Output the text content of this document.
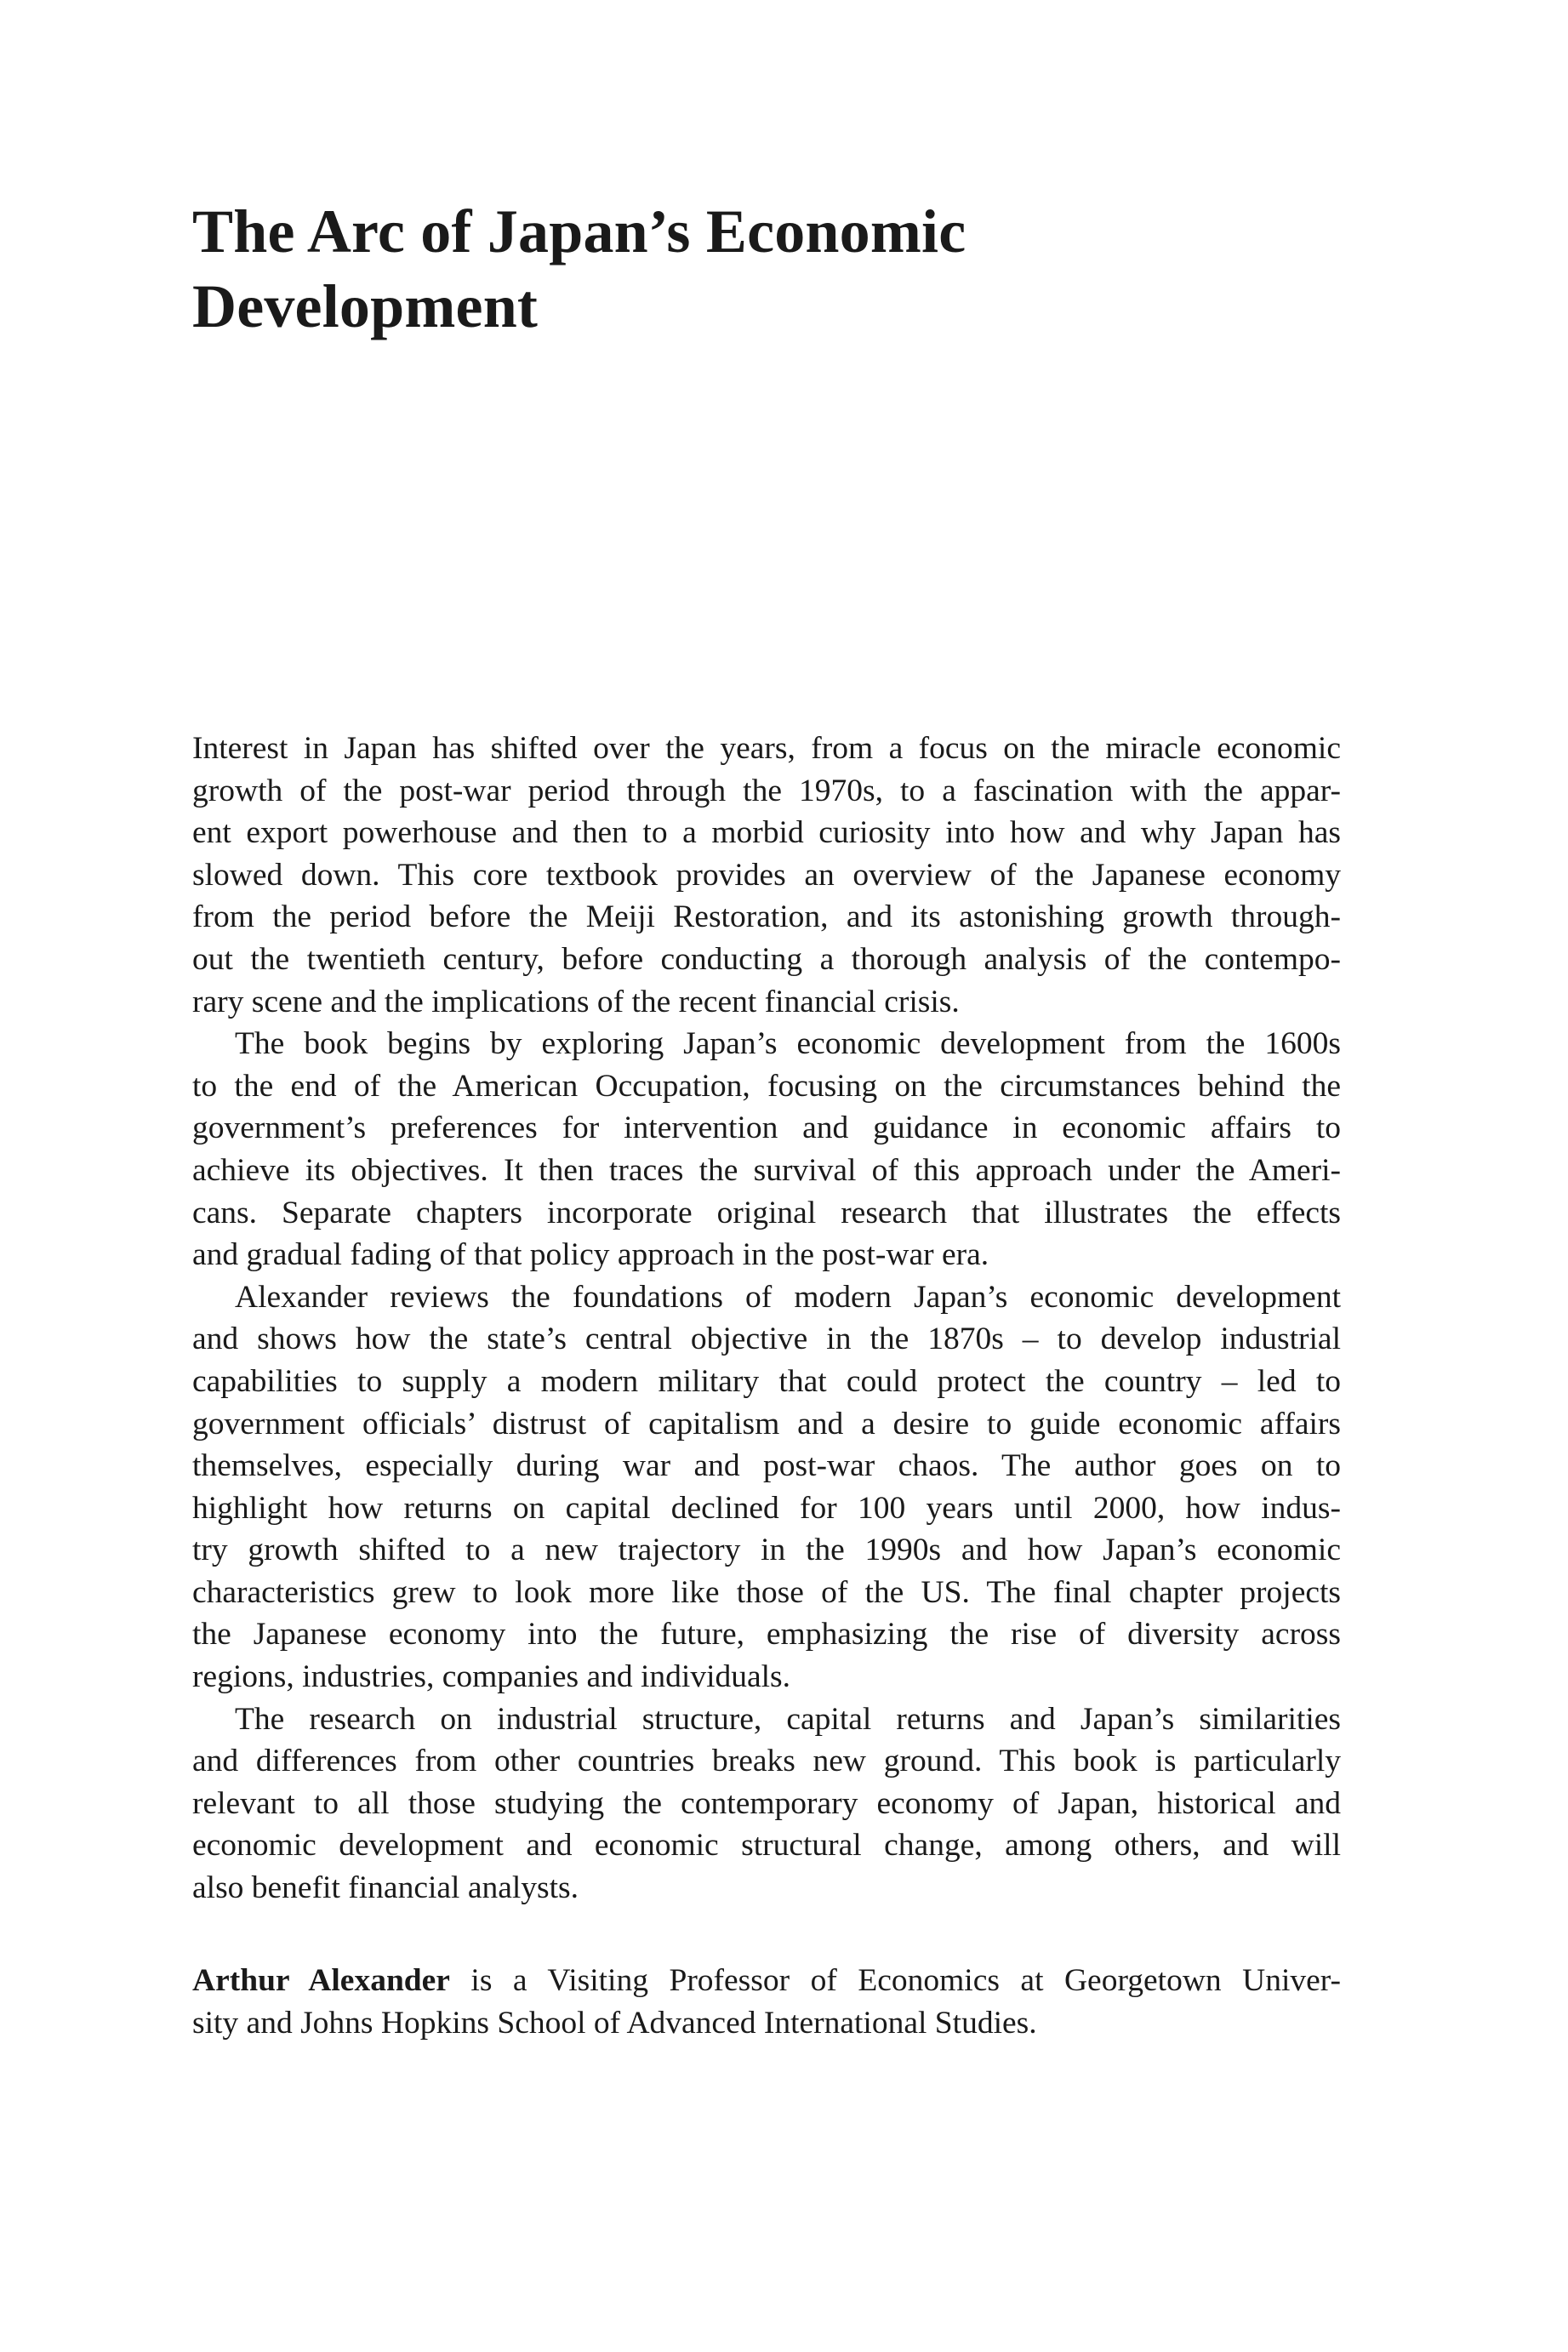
The Arc of Japan’s Economic
Development

Interest in Japan has shifted over the years, from a focus on the miracle economic
growth of the post-war period through the 1970s, to a fascination with the appar-
ent export powerhouse and then to a morbid curiosity into how and why Japan has
slowed down. This core textbook provides an overview of the Japanese economy
from the period before the Meiji Restoration, and its astonishing growth through-
out the twentieth century, before conducting a thorough analysis of the contempo-
rary scene and the implications of the recent financial crisis.

The book begins by exploring Japan’s economic development from the 1600s
to the end of the American Occupation, focusing on the circumstances behind the
government’s preferences for intervention and guidance in economic affairs to
achieve its objectives. It then traces the survival of this approach under the Ameri-
cans. Separate chapters incorporate original research that illustrates the effects
and gradual fading of that policy approach in the post-war era.

Alexander reviews the foundations of modern Japan’s economic development
and shows how the state’s central objective in the 1870s – to develop industrial
capabilities to supply a modern military that could protect the country – led to
government officials’ distrust of capitalism and a desire to guide economic affairs
themselves, especially during war and post-war chaos. The author goes on to
highlight how returns on capital declined for 100 years until 2000, how indus-
try growth shifted to a new trajectory in the 1990s and how Japan’s economic
characteristics grew to look more like those of the US. The final chapter projects
the Japanese economy into the future, emphasizing the rise of diversity across
regions, industries, companies and individuals.

The research on industrial structure, capital returns and Japan’s similarities
and differences from other countries breaks new ground. This book is particularly
relevant to all those studying the contemporary economy of Japan, historical and
economic development and economic structural change, among others, and will
also benefit financial analysts.

Arthur Alexander is a Visiting Professor of Economics at Georgetown Univer-
sity and Johns Hopkins School of Advanced International Studies.
